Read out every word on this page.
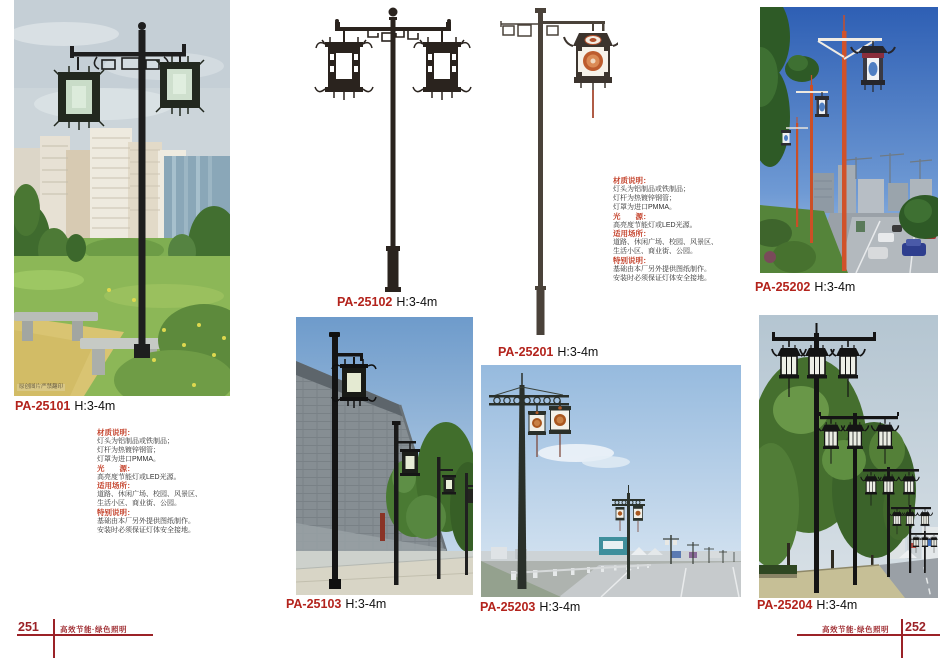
原创图片严禁翻印
PA-25101 H:3-4m
PA-25102 H:3-4m
PA-25103 H:3-4m
PA-25201 H:3-4m
PA-25202 H:3-4m
PA-25203 H:3-4m	PA-25204 H:3-4m
材质说明：
灯头为铝制品或铁制品；
灯杆为热镀锌钢管；
灯罩为进口PMMA。
光　　源：
高亮度节能灯或LED光源。
适用场所：
道路、休闲广场、校园、风景区、
生活小区、商业街、公园。
特别说明：
基础由本厂另外提供图纸制作。
安装时必须保证灯体安全接地。
材质说明：
灯头为铝制品或铁制品；
灯杆为热镀锌钢管；
灯罩为进口PMMA。
光　　源：
高亮度节能灯或LED光源。
适用场所：
道路、休闲广场、校园、风景区、
生活小区、商业街、公园。
特别说明：
基础由本厂另外提供图纸制作。
安装时必须保证灯体安全接地。
251	高效节能·绿色照明	高效节能·绿色照明 252
